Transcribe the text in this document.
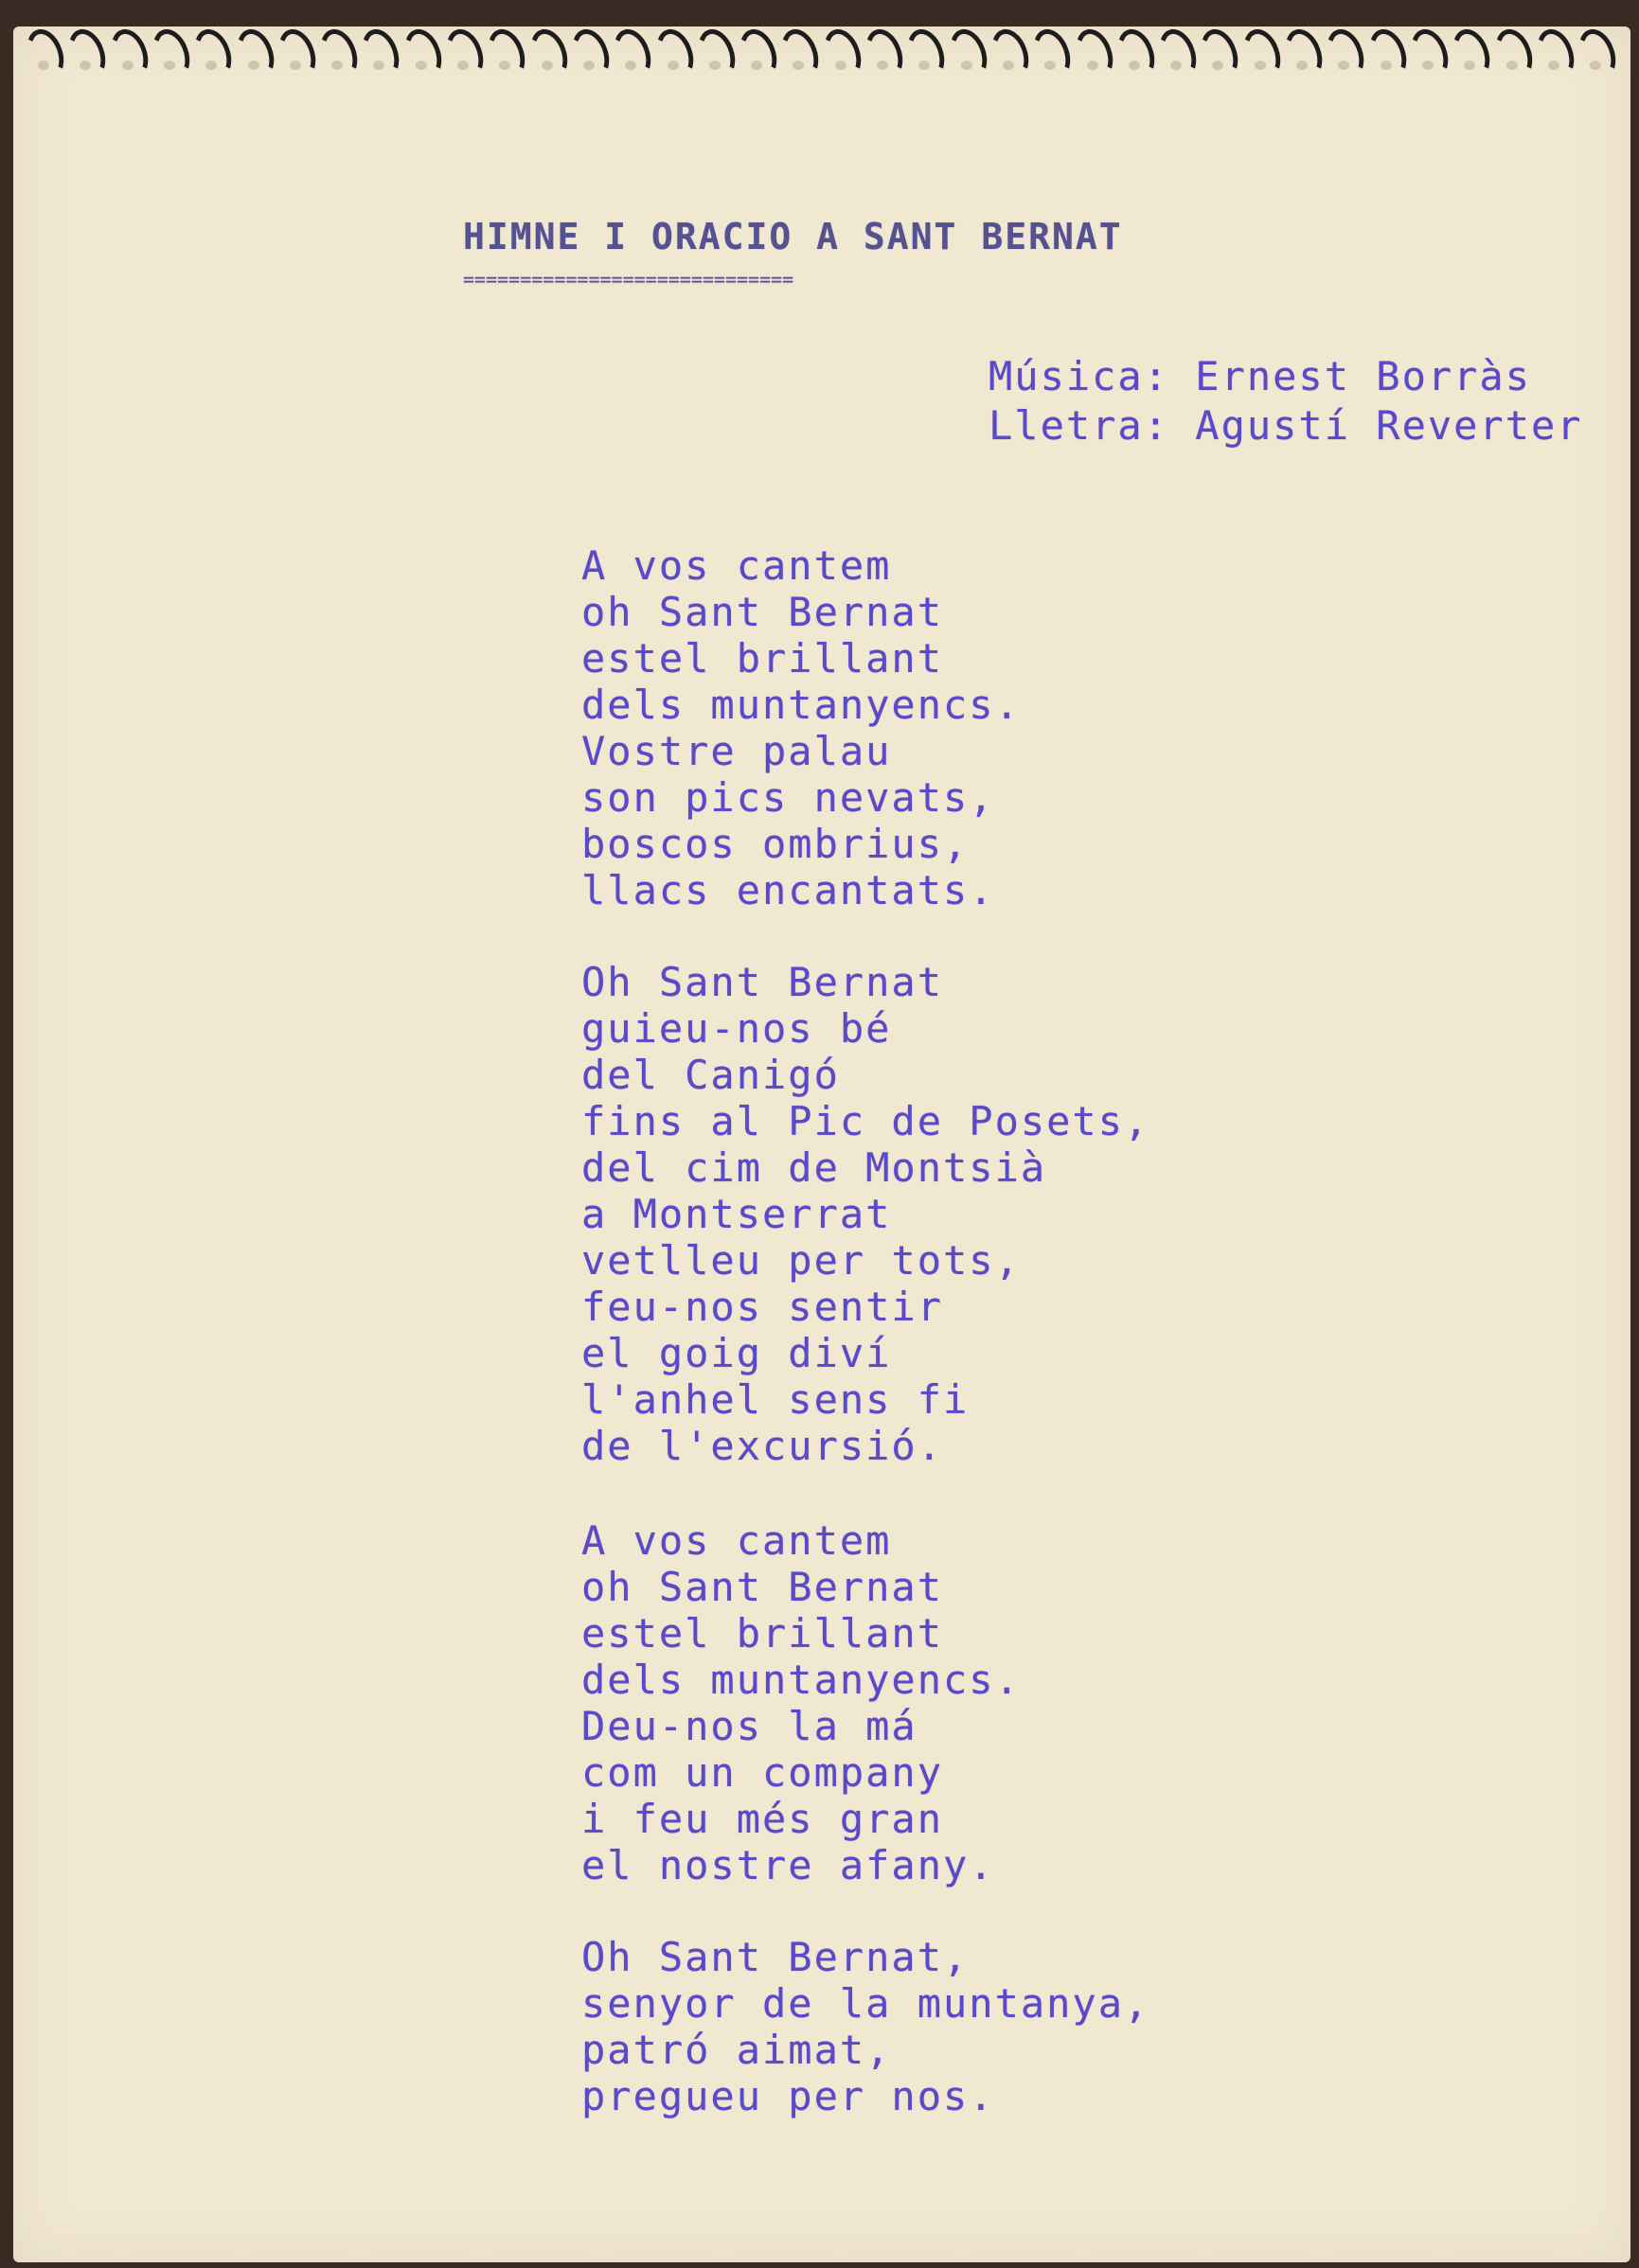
HIMNE I ORACIO A SANT BERNAT
=============================
Música: Ernest Borràs
Lletra: Agustí Reverter
A vos cantem
oh Sant Bernat
estel brillant
dels muntanyencs.
Vostre palau
son pics nevats,
boscos ombrius,
llacs encantats.
Oh Sant Bernat
guieu-nos bé
del Canigó
fins al Pic de Posets,
del cim de Montsià
a Montserrat
vetlleu per tots,
feu-nos sentir
el goig diví
l'anhel sens fi
de l'excursió.
A vos cantem
oh Sant Bernat
estel brillant
dels muntanyencs.
Deu-nos la má
com un company
i feu més gran
el nostre afany.
Oh Sant Bernat,
senyor de la muntanya,
patró aimat,
pregueu per nos.
